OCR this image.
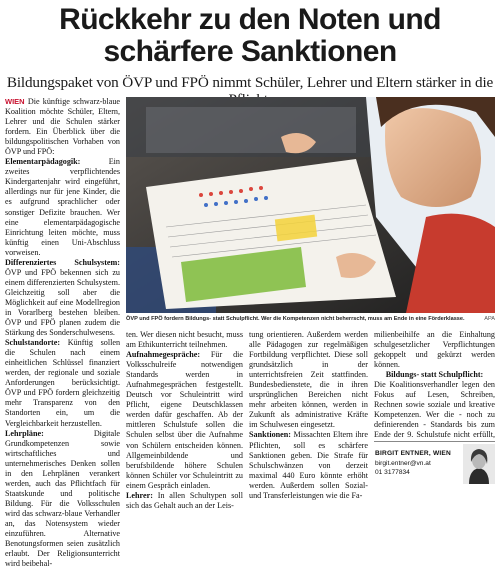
Rückkehr zu den Noten und
schärfere Sanktionen
Bildungspaket von ÖVP und FPÖ nimmt Schüler, Lehrer und Eltern stärker in die

WIEN Die künftige schwarz-blaue Koalition möchte Schüler, Eltern, Lehrer und die Schulen stärker fordern. Ein Überblick über die bildungspolitischen Vorhaben von ÖVP und FPÖ:

Elementarpädagogik:	Ein zweites verpflichtendes Kindergartenjahr wird eingeführt, allerdings nur für jene Kinder, die es aufgrund sprachlicher oder sonstiger Defizite brauchen. Wer eine elementarpädagogische Einrichtung leiten möchte, muss künftig einen Uni-Abschluss vorweisen.

Differenziertes Schulsystem: ÖVP und FPÖ bekennen sich zu einem differenzierten Schulsystem. Gleichzeitig soll aber die Möglichkeit auf eine Modellregion in Vorarlberg bestehen bleiben. ÖVP und FPÖ planen zudem die Stärkung des Sonderschulwesens.

Schulstandorte: Künftig sollen die Schulen nach einem einheitlichen Schlüssel finanziert werden, der regionale und soziale Anforderungen berücksichtigt. ÖVP und FPÖ fordern gleichzeitig mehr Transparenz von den Standorten ein, um die Vergleichbarkeit herzustellen.

Lehrpläne:	Digitale Grundkompetenzen sowie wirtschaftliches und unternehmerisches Denken sollen in den Lehrplänen verankert werden, auch das Pflichtfach für Staatskunde und politische Bildung. Für die Volksschulen wird das schwarz-blaue Verhandler an, das Notensystem wieder einzuführen. Alternative Benotungsformen seien zusätzlich erlaubt. Der Religionsunterricht wird beibehal-

ÖVP und FPÖ fordern Bildungs- statt Schulpflicht. Wer die Kompetenzen nicht beherrscht, muss am Ende in eine Förderklasse.	APA

ten. Wer diesen nicht besucht, muss am Ethikunterricht teilnehmen.

Aufnahmegespräche: Für die Volksschulreife notwendigen Standards werden in Aufnahmegesprächen festgestellt. Deutsch vor Schuleintritt wird Pflicht, eigene Deutschklassen werden dafür geschaffen. Ab der mittleren Schulstufe sollen die Schulen selbst über die Aufnahme von Schülern entscheiden können. Allgemeinbildende und berufsbildende höhere Schulen können Schüler vor Schuleintritt zu einem Gespräch einladen.

Lehrer: In allen Schultypen soll sich das Gehalt auch an der Leis-

tung orientieren. Außerdem werden alle Pädagogen zur regelmäßigen Fortbildung verpflichtet. Diese soll grundsätzlich in der unterrichtsfreien Zeit stattfinden. Bundesbedienstete, die in ihren ursprünglichen Bereichen nicht mehr arbeiten können, werden in Zukunft als administrative Kräfte im Schulwesen eingesetzt.

Sanktionen: Missachten Eltern ihre Pflichten, soll es schärfere Sanktionen geben. Die Strafe für Schulschwänzen von derzeit maximal 440 Euro könnte erhöht werden. Außerdem sollen Sozial- und Transferleistungen wie die Fa-

milienbeihilfe an die Einhaltung schulgesetzlicher Verpflichtungen gekoppelt und gekürzt werden können.

Bildungs- statt Schulpflicht:

Die Koalitionsverhandler legen den Fokus auf Lesen, Schreiben, Rechnen sowie soziale und kreative Kompetenzen. Wer die - noch zu definierenden - Standards bis zum Ende der 9. Schulstufe nicht erfüllt,

BIRGIT ENTNER, WIEN
birgit.entner@vn.at
01 3177834
